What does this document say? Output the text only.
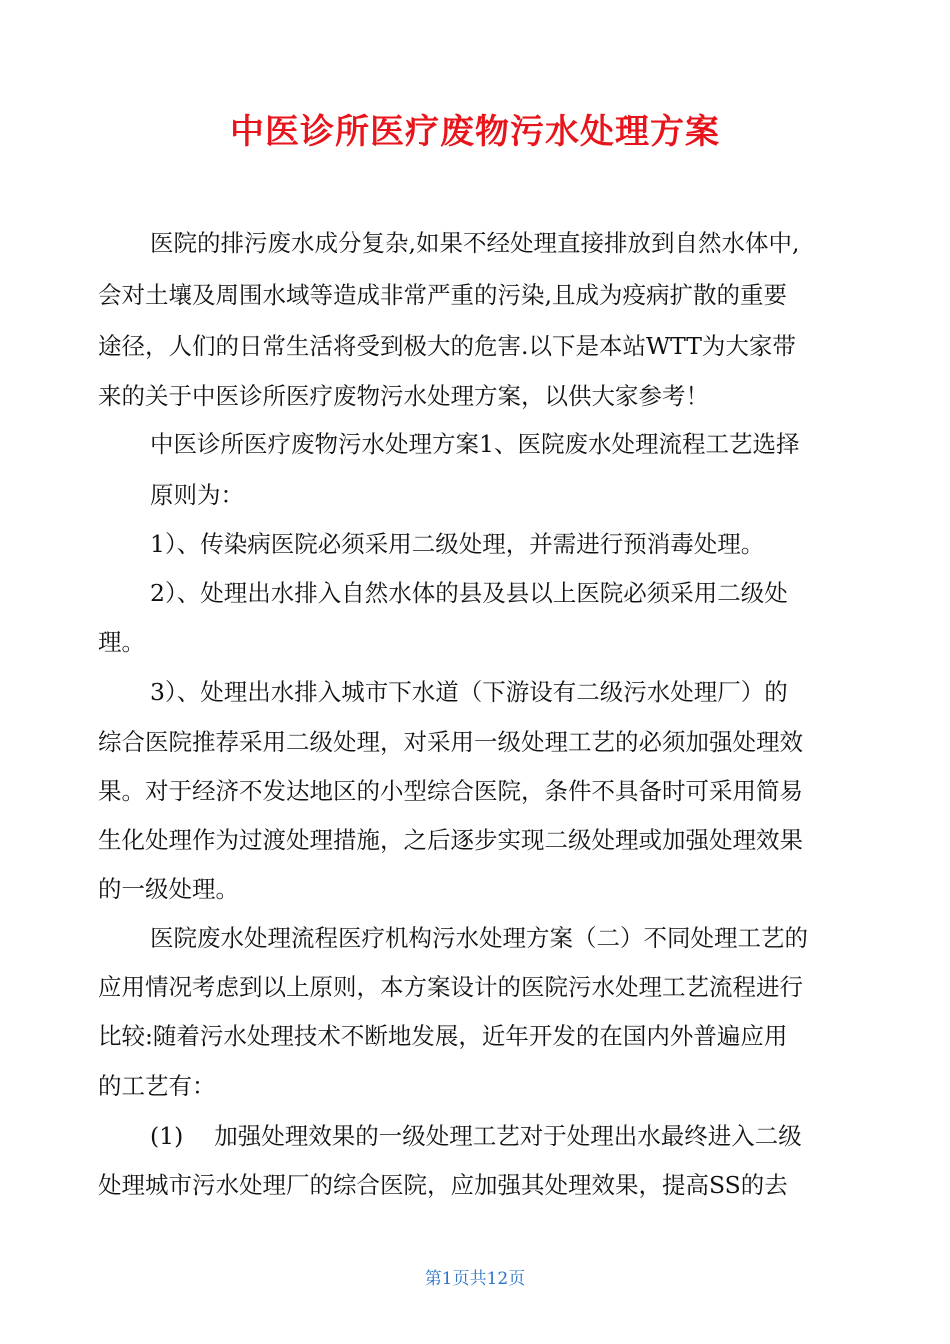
中医诊所医疗废物污水处理方案
医院的排污废水成分复杂,如果不经处理直接排放到自然水体中,
会对土壤及周围水域等造成非常严重的污染,且成为疫病扩散的重要
途径，人们的日常生活将受到极大的危害.以下是本站WTT为大家带
来的关于中医诊所医疗废物污水处理方案，以供大家参考！
中医诊所医疗废物污水处理方案1、医院废水处理流程工艺选择
原则为：
1）、传染病医院必须采用二级处理，并需进行预消毒处理。
2）、处理出水排入自然水体的县及县以上医院必须采用二级处
理。
3）、处理出水排入城市下水道（下游设有二级污水处理厂）的
综合医院推荐采用二级处理，对采用一级处理工艺的必须加强处理效
果。对于经济不发达地区的小型综合医院，条件不具备时可采用简易
生化处理作为过渡处理措施，之后逐步实现二级处理或加强处理效果
的一级处理。
医院废水处理流程医疗机构污水处理方案（二）不同处理工艺的
应用情况考虑到以上原则，本方案设计的医院污水处理工艺流程进行
比较:随着污水处理技术不断地发展，近年开发的在国内外普遍应用
的工艺有：
(1)　 加强处理效果的一级处理工艺对于处理出水最终进入二级
处理城市污水处理厂的综合医院，应加强其处理效果，提高SS的去
第1页共12页
